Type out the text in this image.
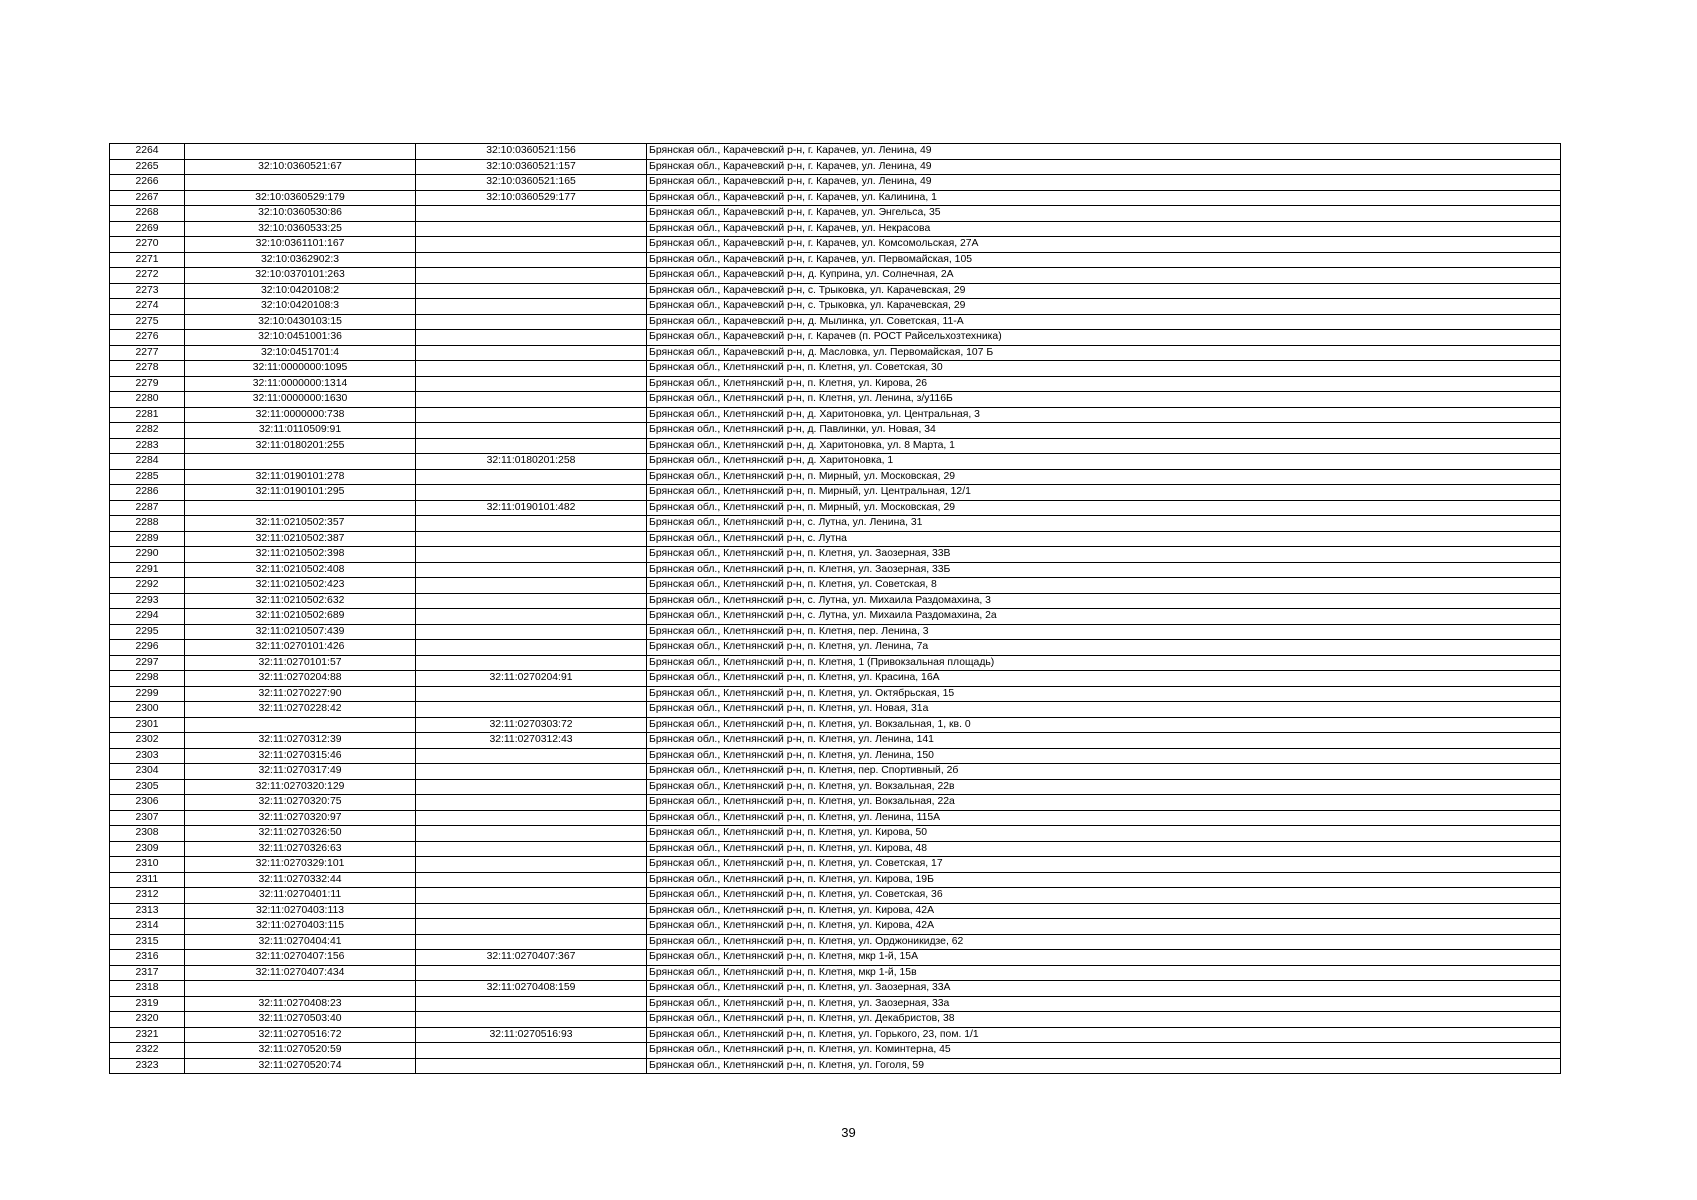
2264		32:10:0360521:156	Брянская обл., Карачевский р-н, г. Карачев, ул. Ленина, 49
2265	32:10:0360521:67	32:10:0360521:157	Брянская обл., Карачевский р-н, г. Карачев, ул. Ленина, 49
2266		32:10:0360521:165	Брянская обл., Карачевский р-н, г. Карачев, ул. Ленина, 49
2267	32:10:0360529:179	32:10:0360529:177	Брянская обл., Карачевский р-н, г. Карачев, ул. Калинина, 1
2268	32:10:0360530:86		Брянская обл., Карачевский р-н, г. Карачев, ул. Энгельса, 35
2269	32:10:0360533:25		Брянская обл., Карачевский р-н, г. Карачев, ул. Некрасова
2270	32:10:0361101:167		Брянская обл., Карачевский р-н, г. Карачев, ул. Комсомольская, 27А
2271	32:10:0362902:3		Брянская обл., Карачевский р-н, г. Карачев, ул. Первомайская, 105
2272	32:10:0370101:263		Брянская обл., Карачевский р-н, д. Куприна, ул. Солнечная, 2А
2273	32:10:0420108:2		Брянская обл., Карачевский р-н, с. Трыковка, ул. Карачевская, 29
2274	32:10:0420108:3		Брянская обл., Карачевский р-н, с. Трыковка, ул. Карачевская, 29
2275	32:10:0430103:15		Брянская обл., Карачевский р-н, д. Мылинка, ул. Советская, 11-А
2276	32:10:0451001:36		Брянская обл., Карачевский р-н, г. Карачев (п. РОСТ Райсельхозтехника)
2277	32:10:0451701:4		Брянская обл., Карачевский р-н, д. Масловка, ул. Первомайская, 107 Б
2278	32:11:0000000:1095		Брянская обл., Клетнянский р-н, п. Клетня, ул. Советская, 30
2279	32:11:0000000:1314		Брянская обл., Клетнянский р-н, п. Клетня, ул. Кирова, 26
2280	32:11:0000000:1630		Брянская обл., Клетнянский р-н, п. Клетня, ул. Ленина, з/у116Б
2281	32:11:0000000:738		Брянская обл., Клетнянский р-н, д. Харитоновка, ул. Центральная, 3
2282	32:11:0110509:91		Брянская обл., Клетнянский р-н, д. Павлинки, ул. Новая, 34
2283	32:11:0180201:255		Брянская обл., Клетнянский р-н, д. Харитоновка, ул. 8 Марта, 1
2284		32:11:0180201:258	Брянская обл., Клетнянский р-н, д. Харитоновка, 1
2285	32:11:0190101:278		Брянская обл., Клетнянский р-н, п. Мирный, ул. Московская, 29
2286	32:11:0190101:295		Брянская обл., Клетнянский р-н, п. Мирный, ул. Центральная, 12/1
2287		32:11:0190101:482	Брянская обл., Клетнянский р-н, п. Мирный, ул. Московская, 29
2288	32:11:0210502:357		Брянская обл., Клетнянский р-н, с. Лутна, ул. Ленина, 31
2289	32:11:0210502:387		Брянская обл., Клетнянский р-н, с. Лутна
2290	32:11:0210502:398		Брянская обл., Клетнянский р-н, п. Клетня, ул. Заозерная, 33В
2291	32:11:0210502:408		Брянская обл., Клетнянский р-н, п. Клетня, ул. Заозерная, 33Б
2292	32:11:0210502:423		Брянская обл., Клетнянский р-н, п. Клетня, ул. Советская, 8
2293	32:11:0210502:632		Брянская обл., Клетнянский р-н, с. Лутна, ул. Михаила Раздомахина, 3
2294	32:11:0210502:689		Брянская обл., Клетнянский р-н, с. Лутна, ул. Михаила Раздомахина, 2а
2295	32:11:0210507:439		Брянская обл., Клетнянский р-н, п. Клетня, пер. Ленина, 3
2296	32:11:0270101:426		Брянская обл., Клетнянский р-н, п. Клетня, ул. Ленина, 7а
2297	32:11:0270101:57		Брянская обл., Клетнянский р-н, п. Клетня, 1 (Привокзальная площадь)
2298	32:11:0270204:88	32:11:0270204:91	Брянская обл., Клетнянский р-н, п. Клетня, ул. Красина, 16А
2299	32:11:0270227:90		Брянская обл., Клетнянский р-н, п. Клетня, ул. Октябрьская, 15
2300	32:11:0270228:42		Брянская обл., Клетнянский р-н, п. Клетня, ул. Новая, 31а
2301		32:11:0270303:72	Брянская обл., Клетнянский р-н, п. Клетня, ул. Вокзальная, 1, кв. 0
2302	32:11:0270312:39	32:11:0270312:43	Брянская обл., Клетнянский р-н, п. Клетня, ул. Ленина, 141
2303	32:11:0270315:46		Брянская обл., Клетнянский р-н, п. Клетня, ул. Ленина, 150
2304	32:11:0270317:49		Брянская обл., Клетнянский р-н, п. Клетня, пер. Спортивный, 2б
2305	32:11:0270320:129		Брянская обл., Клетнянский р-н, п. Клетня, ул. Вокзальная, 22в
2306	32:11:0270320:75		Брянская обл., Клетнянский р-н, п. Клетня, ул. Вокзальная, 22а
2307	32:11:0270320:97		Брянская обл., Клетнянский р-н, п. Клетня, ул. Ленина, 115А
2308	32:11:0270326:50		Брянская обл., Клетнянский р-н, п. Клетня, ул. Кирова, 50
2309	32:11:0270326:63		Брянская обл., Клетнянский р-н, п. Клетня, ул. Кирова, 48
2310	32:11:0270329:101		Брянская обл., Клетнянский р-н, п. Клетня, ул. Советская, 17
2311	32:11:0270332:44		Брянская обл., Клетнянский р-н, п. Клетня, ул. Кирова, 19Б
2312	32:11:0270401:11		Брянская обл., Клетнянский р-н, п. Клетня, ул. Советская, 36
2313	32:11:0270403:113		Брянская обл., Клетнянский р-н, п. Клетня, ул. Кирова, 42А
2314	32:11:0270403:115		Брянская обл., Клетнянский р-н, п. Клетня, ул. Кирова, 42А
2315	32:11:0270404:41		Брянская обл., Клетнянский р-н, п. Клетня, ул. Орджоникидзе, 62
2316	32:11:0270407:156	32:11:0270407:367	Брянская обл., Клетнянский р-н, п. Клетня, мкр 1-й, 15А
2317	32:11:0270407:434		Брянская обл., Клетнянский р-н, п. Клетня, мкр 1-й, 15в
2318		32:11:0270408:159	Брянская обл., Клетнянский р-н, п. Клетня, ул. Заозерная, 33А
2319	32:11:0270408:23		Брянская обл., Клетнянский р-н, п. Клетня, ул. Заозерная, 33а
2320	32:11:0270503:40		Брянская обл., Клетнянский р-н, п. Клетня, ул. Декабристов, 38
2321	32:11:0270516:72	32:11:0270516:93	Брянская обл., Клетнянский р-н, п. Клетня, ул. Горького, 23, пом. 1/1
2322	32:11:0270520:59		Брянская обл., Клетнянский р-н, п. Клетня, ул. Коминтерна, 45
2323	32:11:0270520:74		Брянская обл., Клетнянский р-н, п. Клетня, ул. Гоголя, 59
39
